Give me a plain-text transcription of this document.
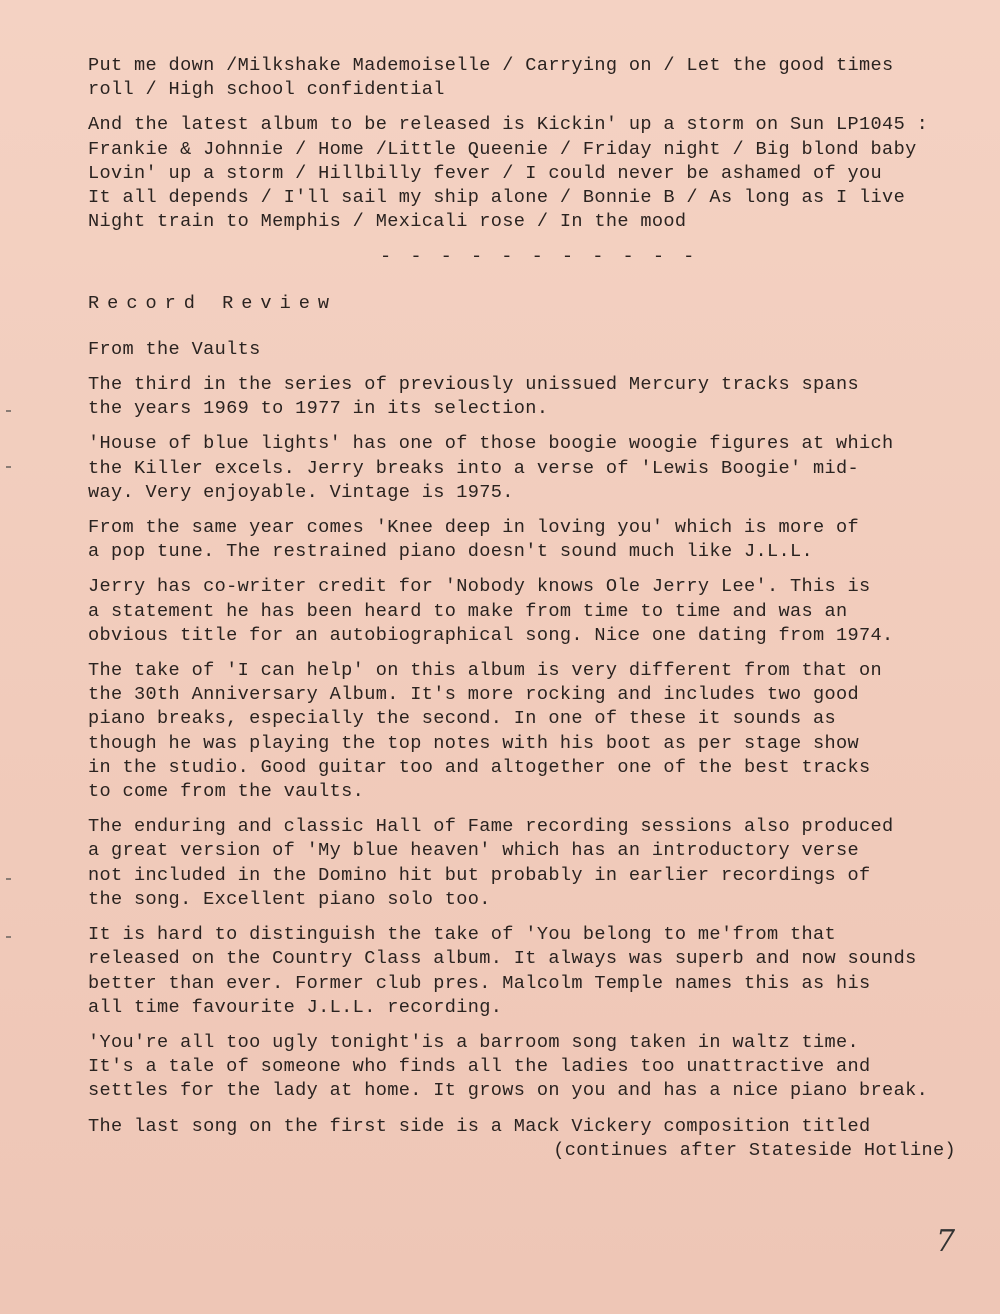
Put me down /Milkshake Mademoiselle / Carrying on / Let the good times
roll / High school confidential
And the latest album to be released is Kickin' up a storm on Sun LP1045 :
Frankie & Johnnie / Home /Little Queenie / Friday night / Big blond baby
Lovin' up a storm / Hillbilly fever / I could never be ashamed of you
It all depends / I'll sail my ship alone / Bonnie B / As long as I live
Night train to Memphis / Mexicali rose / In the mood
- - - - - - - - - - -
Record Review
From the Vaults
The third in the series of previously unissued Mercury tracks spans
the years 1969 to 1977 in its selection.
'House of blue lights' has one of those boogie woogie figures at which
the Killer excels. Jerry breaks into a verse of 'Lewis Boogie' mid-
way. Very enjoyable. Vintage is 1975.
From the same year comes 'Knee deep in loving you' which is more of
a pop tune. The restrained piano doesn't sound much like J.L.L.
Jerry has co-writer credit for 'Nobody knows Ole Jerry Lee'. This is
a statement he has been heard to make from time to time and was an
obvious title for an autobiographical song. Nice one dating from 1974.
The take of 'I can help' on this album is very different from that on
the 30th Anniversary Album. It's more rocking and includes two good
piano breaks, especially the second. In one of these it sounds as
though he was playing the top notes with his boot as per stage show
in the studio. Good guitar too and altogether one of the best tracks
to come from the vaults.
The enduring and classic Hall of Fame recording sessions also produced
a great version of 'My blue heaven' which has an introductory verse
not included in the Domino hit but probably in earlier recordings of
the song. Excellent piano solo too.
It is hard to distinguish the take of 'You belong to me'from that
released on the Country Class album. It always was superb and now sounds
better than ever. Former club pres. Malcolm Temple names this as his
all time favourite J.L.L. recording.
'You're all too ugly tonight'is a barroom song taken in waltz time.
It's a tale of someone who finds all the ladies too unattractive and
settles for the lady at home. It grows on you and has a nice piano break.
The last song on the first side is a Mack Vickery composition titled
(continues after Stateside Hotline)
7
